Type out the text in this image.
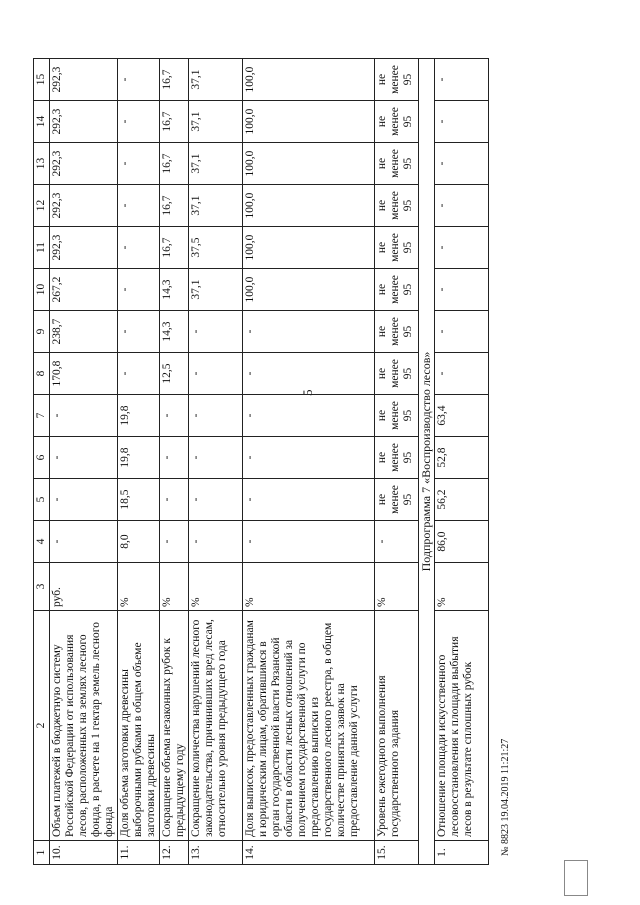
5
1	2	3	4	5	6	7	8	9	10	11	12	13	14	15
10.	Объем платежей в бюджетную систему Российской Федерации от использования лесов, расположенных на землях лесного фонда, в расчете на 1 гектар земель лесного фонда	руб.	-	-	-	-	170,8	238,7	267,2	292,3	292,3	292,3	292,3	292,3
11.	Доля объема заготовки древесины выборочными рубками в общем объеме заготовки древесины	%	8,0	18,5	19,8	19,8	-	-	-	-	-	-	-	-
12.	Сокращение объема незаконных рубок к предыдущему году	%	-	-	-	-	12,5	14,3	14,3	16,7	16,7	16,7	16,7	16,7
13.	Сокращение количества нарушений лесного законодательства, причинивших вред лесам, относительно уровня предыдущего года	%	-	-	-	-	-	-	37,1	37,5	37,1	37,1	37,1	37,1
14.	Доля выписок, предоставленных гражданам и юридическим лицам, обратившимся в орган государственной власти Рязанской области в области лесных отношений за получением государственной услуги по предоставлению выписки из государственного лесного реестра, в общем количестве принятых заявок на предоставление данной услуги	%	-	-	-	-	-	-	100,0	100,0	100,0	100,0	100,0	100,0
15.	Уровень ежегодного выполнения государственного задания	%	-	не менее 95	не менее 95	не менее 95	не менее 95	не менее 95	не менее 95	не менее 95	не менее 95	не менее 95	не менее 95	не менее 95
Подпрограмма 7 «Воспроизводство лесов»														
1.	Отношение площади искусственного лесовосстановления к площади выбытия лесов в результате сплошных рубок	%	86,0	56,2	52,8	63,4	-	-	-	-	-	-	-	-
№ 8823 19.04.2019 11:21:27
